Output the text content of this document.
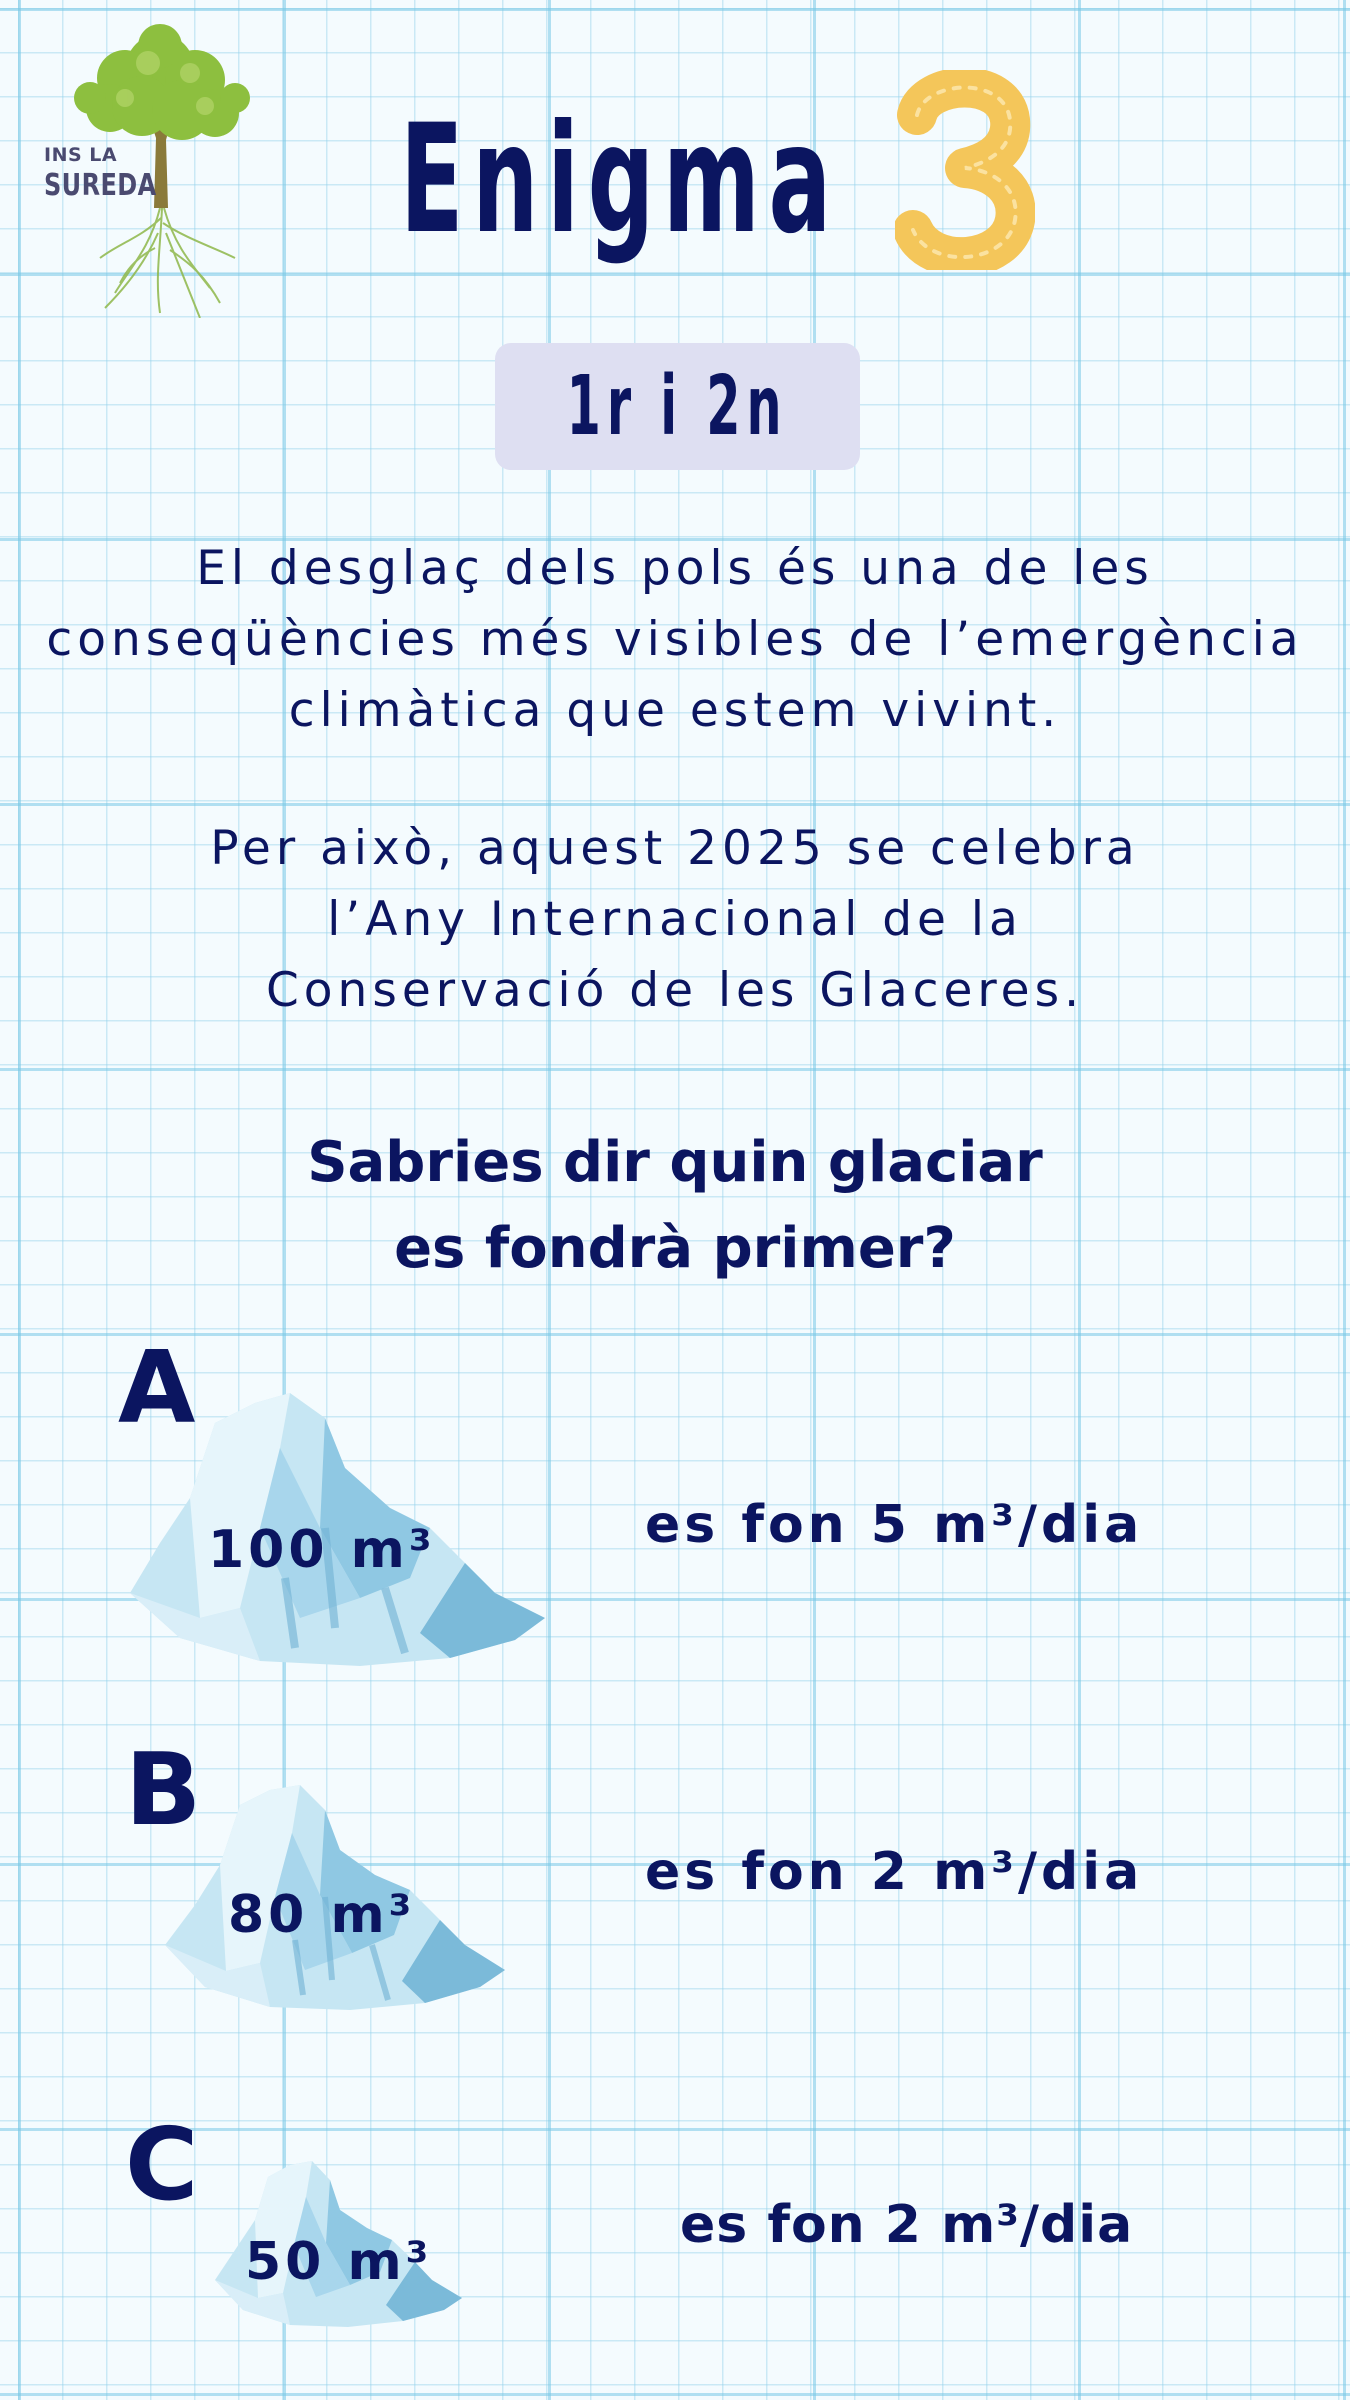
INS LA
SUREDA Enigma
1r i 2n

El desglaç dels pols és una de les
conseqüències més visibles de l’emergència
climàtica que estem vivint.

Per això, aquest 2025 se celebra
l’Any Internacional de la
Conservació de les Glaceres.

Sabries dir quin glaciar
es fondrà primer?

A
100 m³	es fon 5 m³/dia
B
80 m³
es fon 2 m³/dia
C
50 m³
es fon 2 m³/dia
